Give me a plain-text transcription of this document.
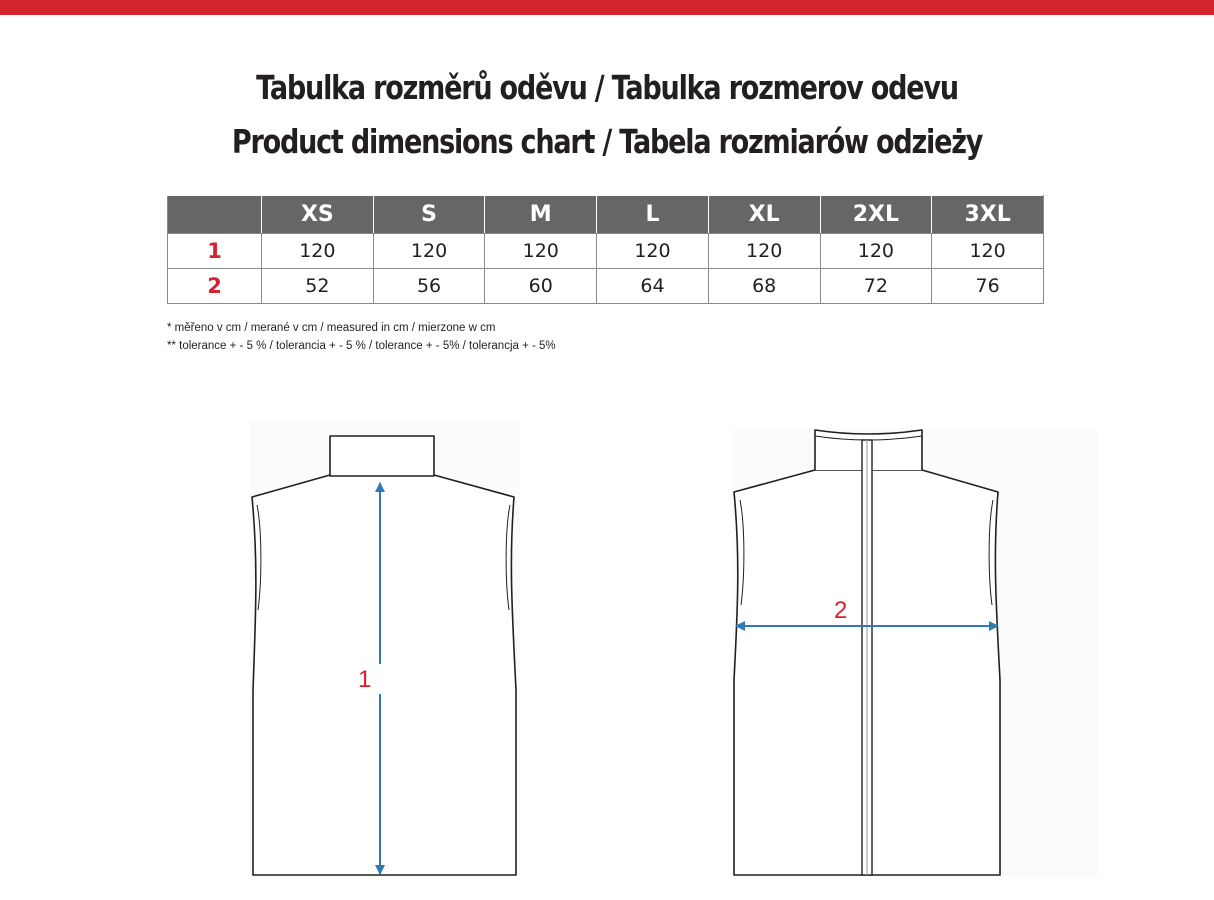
Tabulka rozměrů oděvu / Tabulka rozmerov odevu
Product dimensions chart / Tabela rozmiarów odzieży
	XS	S	M	L	XL	2XL	3XL
1	120	120	120	120	120	120	120
2	52	56	60	64	68	72	76
* měřeno v cm / merané v cm / measured in cm / mierzone w cm
** tolerance + - 5 % / tolerancia + - 5 % / tolerance + - 5% / tolerancja + - 5%
1
2
